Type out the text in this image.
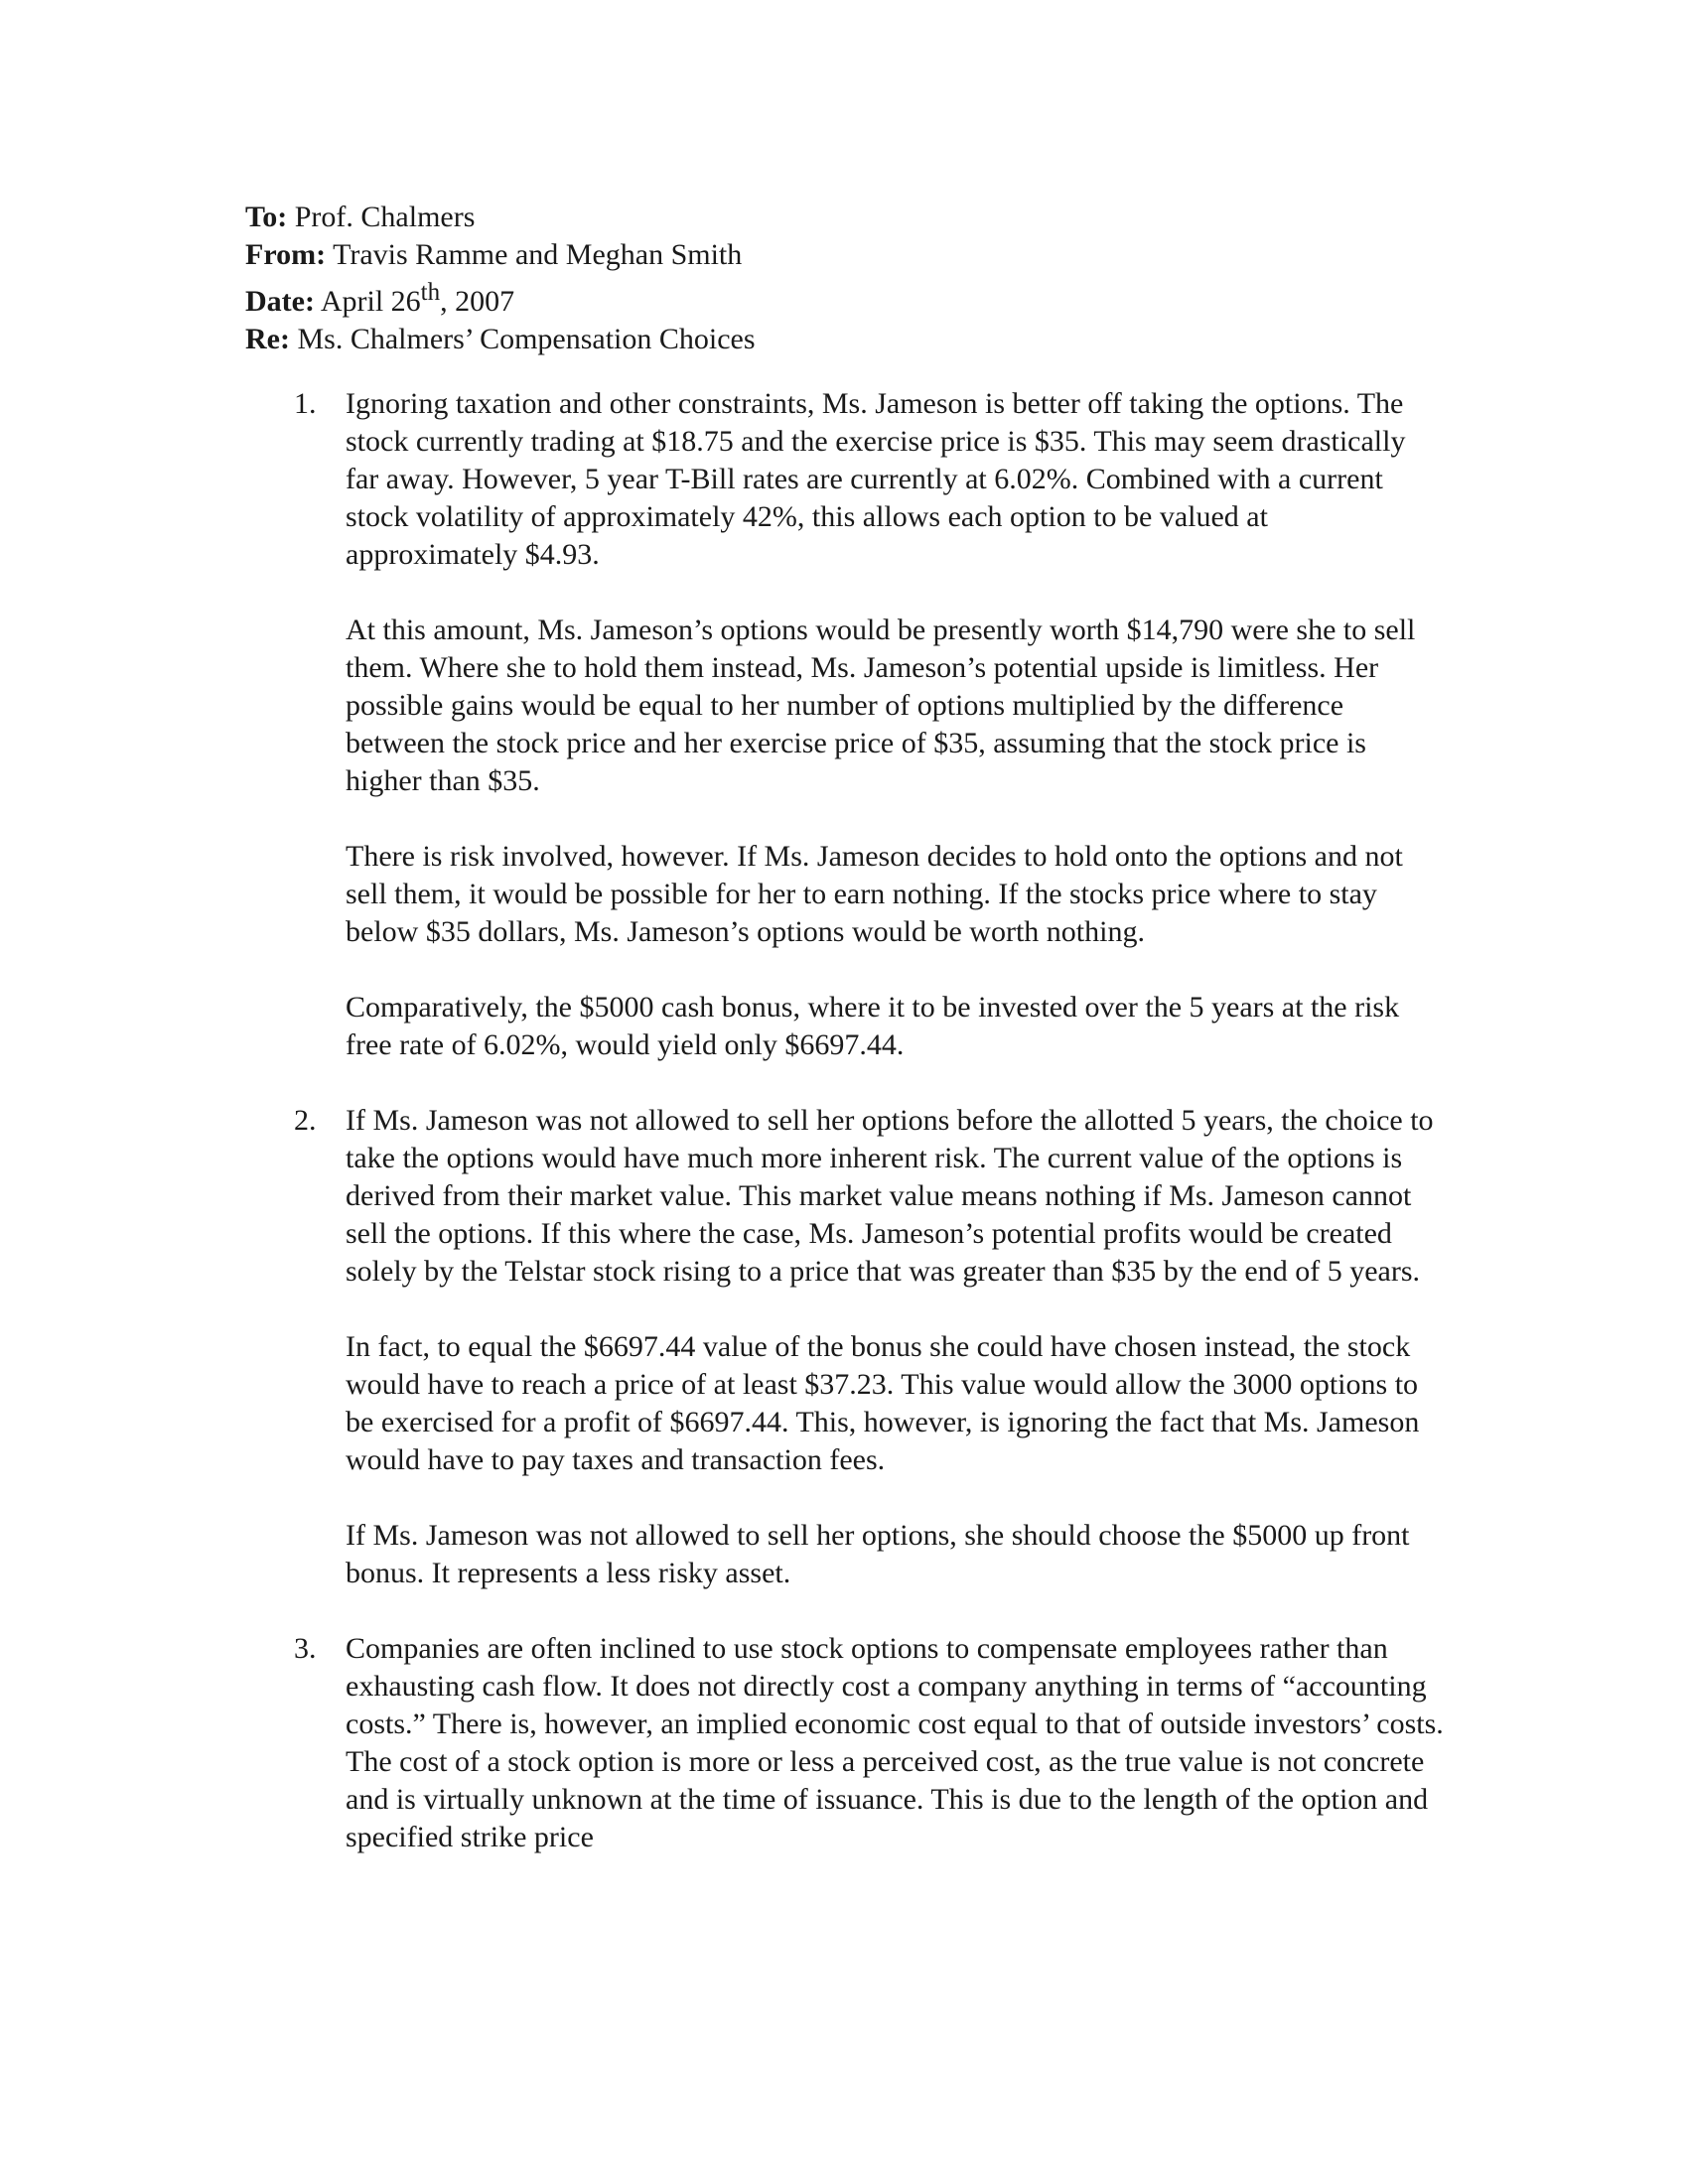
To: Prof. Chalmers
From: Travis Ramme and Meghan Smith
Date: April 26th, 2007
Re: Ms. Chalmers’ Compensation Choices
1. Ignoring taxation and other constraints, Ms. Jameson is better off taking the options. The stock currently trading at $18.75 and the exercise price is $35. This may seem drastically far away. However, 5 year T-Bill rates are currently at 6.02%. Combined with a current stock volatility of approximately 42%, this allows each option to be valued at approximately $4.93.

At this amount, Ms. Jameson’s options would be presently worth $14,790 were she to sell them. Where she to hold them instead, Ms. Jameson’s potential upside is limitless. Her possible gains would be equal to her number of options multiplied by the difference between the stock price and her exercise price of $35, assuming that the stock price is higher than $35.

There is risk involved, however. If Ms. Jameson decides to hold onto the options and not sell them, it would be possible for her to earn nothing. If the stocks price where to stay below $35 dollars, Ms. Jameson’s options would be worth nothing.

Comparatively, the $5000 cash bonus, where it to be invested over the 5 years at the risk free rate of 6.02%, would yield only $6697.44.

2. If Ms. Jameson was not allowed to sell her options before the allotted 5 years, the choice to take the options would have much more inherent risk. The current value of the options is derived from their market value. This market value means nothing if Ms. Jameson cannot sell the options. If this where the case, Ms. Jameson’s potential profits would be created solely by the Telstar stock rising to a price that was greater than $35 by the end of 5 years.

In fact, to equal the $6697.44 value of the bonus she could have chosen instead, the stock would have to reach a price of at least $37.23. This value would allow the 3000 options to be exercised for a profit of $6697.44. This, however, is ignoring the fact that Ms. Jameson would have to pay taxes and transaction fees.

If Ms. Jameson was not allowed to sell her options, she should choose the $5000 up front bonus. It represents a less risky asset.

3. Companies are often inclined to use stock options to compensate employees rather than exhausting cash flow. It does not directly cost a company anything in terms of “accounting costs.” There is, however, an implied economic cost equal to that of outside investors’ costs. The cost of a stock option is more or less a perceived cost, as the true value is not concrete and is virtually unknown at the time of issuance. This is due to the length of the option and specified strike price
